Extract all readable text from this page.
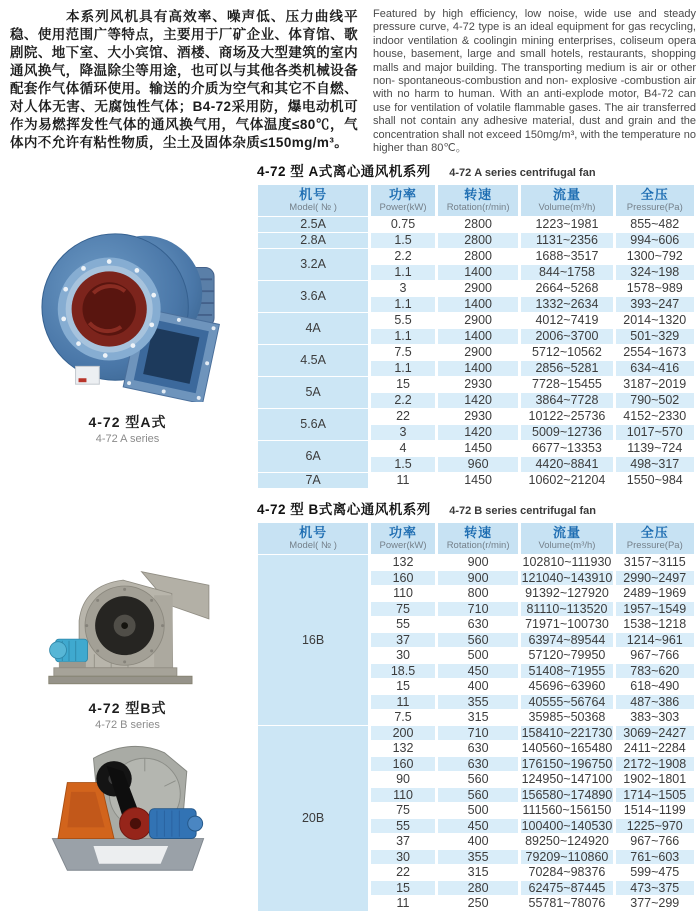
本系列风机具有高效率、噪声低、压力曲线平稳、使用范围广等特点，主要用于厂矿企业、体育馆、歌剧院、地下室、大小宾馆、酒楼、商场及大型建筑的室内通风换气，降温除尘等用途，也可以与其他各类机械设备配套作气体循环使用。输送的介质为空气和其它不自燃、对人体无害、无腐蚀性气体；B4-72采用防，爆电动机可作为易燃挥发性气体的通风换气用，气体温度≤80℃，气体内不允许有粘性物质，尘土及固体杂质≤150mg/m³。

Featured by high efficiency, low noise, wide use and steady pressure curve, 4-72 type is an ideal equipment for gas recycling, indoor ventilation & coolingin mining enterprises, coliseum opera house, basement, large and small hotels, restaurants, shopping malls and major building. The transporting medium is air or other non- spontaneous-combustion and non- explosive -combustion air with no harm to human. With an anti-explode motor, B4-72 can use for ventilation of volatile flammable gases. The air transferred shall not contain any adhesive material, dust and grain and the concentration shall not exceed 150mg/m³, with the temperature no higher than 80℃。

4-72 型A式
4-72 A series
4-72 型B式
4-72 B series
4-72 型 A式离心通风机系列 4-72 A series centrifugal fan
机号
Model( № )

功率
Power(kW)

转速
Rotation(r/min)

流量
Volume(m³/h)

全压
Pressure(Pa)

2.5A	0.75	2800	1223~1981	855~482
2.8A	1.5	2800	1131~2356	994~606
3.2A	2.2	2800	1688~3517	1300~792
	1.1	1400	844~1758	324~198
3.6A	3	2900	2664~5268	1578~989
	1.1	1400	1332~2634	393~247
4A	5.5	2900	4012~7419	2014~1320
	1.1	1400	2006~3700	501~329
4.5A	7.5	2900	5712~10562	2554~1673
	1.1	1400	2856~5281	634~416
5A	15	2930	7728~15455	3187~2019
	2.2	1420	3864~7728	790~502
5.6A	22	2930	10122~25736	4152~2330
	3	1420	5009~12736	1017~570
6A	4	1450	6677~13353	1139~724
	1.5	960	4420~8841	498~317
7A	11	1450	10602~21204	1550~984
4-72 型 B式离心通风机系列 4-72 B series centrifugal fan
机号
Model( № )

功率
Power(kW)

转速
Rotation(r/min)

流量
Volume(m³/h)

全压
Pressure(Pa)

16B	132	900	102810~111930	3157~3115
	160	900	121040~143910	2990~2497
	110	800	91392~127920	2489~1969
	75	710	81110~113520	1957~1549
	55	630	71971~100730	1538~1218
	37	560	63974~89544	1214~961
	30	500	57120~79950	967~766
	18.5	450	51408~71955	783~620
	15	400	45696~63960	618~490
	11	355	40555~56764	487~386
	7.5	315	35985~50368	383~303
20B	200	710	158410~221730	3069~2427
	132	630	140560~165480	2411~2284
	160	630	176150~196750	2172~1908
	90	560	124950~147100	1902~1801
	110	560	156580~174890	1714~1505
	75	500	111560~156150	1514~1199
	55	450	100400~140530	1225~970
	37	400	89250~124920	967~766
	30	355	79209~110860	761~603
	22	315	70284~98376	599~475
	15	280	62475~87445	473~375
	11	250	55781~78076	377~299
